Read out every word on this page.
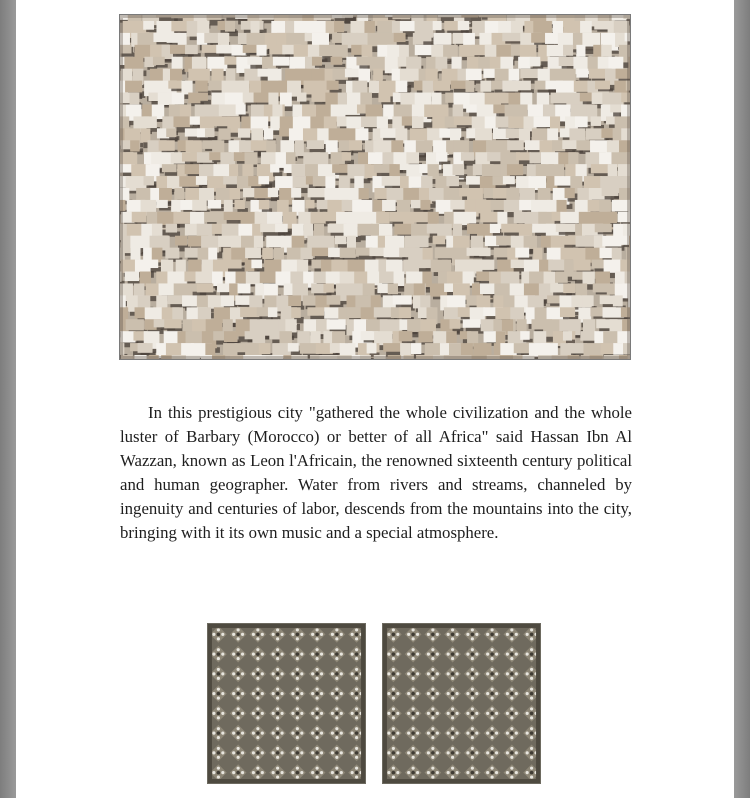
In this prestigious city "gathered the whole civilization and the whole luster of Barbary (Morocco) or better of all Africa" said Hassan Ibn Al Wazzan, known as Leon l'Africain, the renowned sixteenth century political and human geographer. Water from rivers and streams, channeled by ingenuity and centuries of labor, descends from the mountains into the city, bringing with it its own music and a special atmosphere.
